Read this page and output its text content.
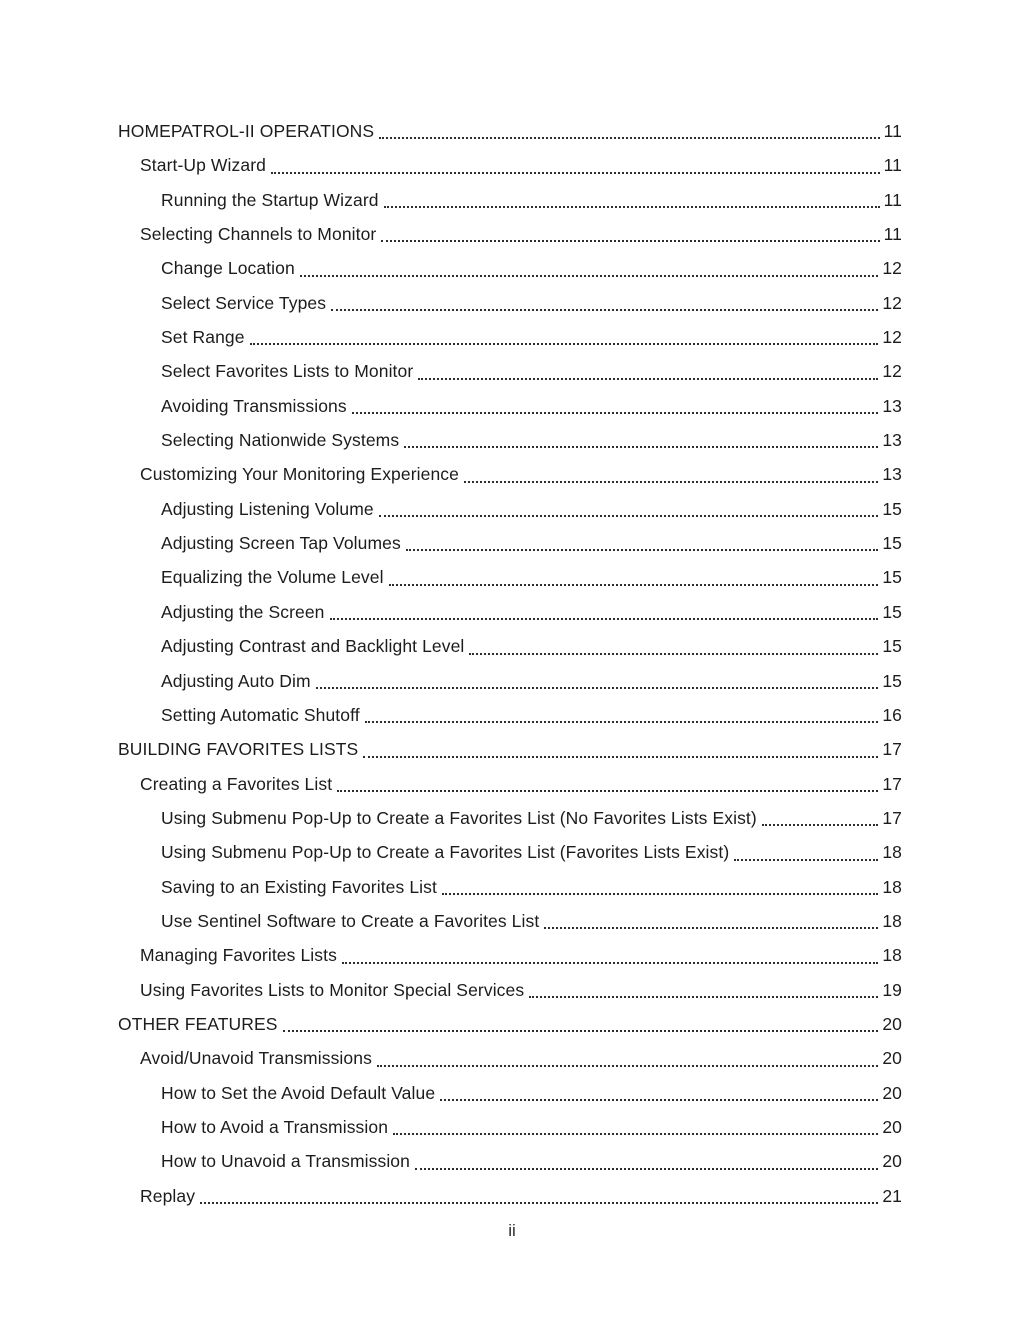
HOMEPATROL-II OPERATIONS	11
Start-Up Wizard	11
Running the Startup Wizard	11
Selecting Channels to Monitor	11
Change Location	12
Select Service Types	12
Set Range	12
Select Favorites Lists to Monitor	12
Avoiding Transmissions	13
Selecting Nationwide Systems	13
Customizing Your Monitoring Experience	13
Adjusting Listening Volume	15
Adjusting Screen Tap Volumes	15
Equalizing the Volume Level	15
Adjusting the Screen	15
Adjusting Contrast and Backlight Level	15
Adjusting Auto Dim	15
Setting Automatic Shutoff	16
BUILDING FAVORITES LISTS	17
Creating a Favorites List	17
Using Submenu Pop-Up to Create a Favorites List (No Favorites Lists Exist)	17
Using Submenu Pop-Up to Create a Favorites List (Favorites Lists Exist)	18
Saving to an Existing Favorites List	18
Use Sentinel Software to Create a Favorites List	18
Managing Favorites Lists	18
Using Favorites Lists to Monitor Special Services	19
OTHER FEATURES	20
Avoid/Unavoid Transmissions	20
How to Set the Avoid Default Value	20
How to Avoid a Transmission	20
How to Unavoid a Transmission	20
Replay	21
ii
